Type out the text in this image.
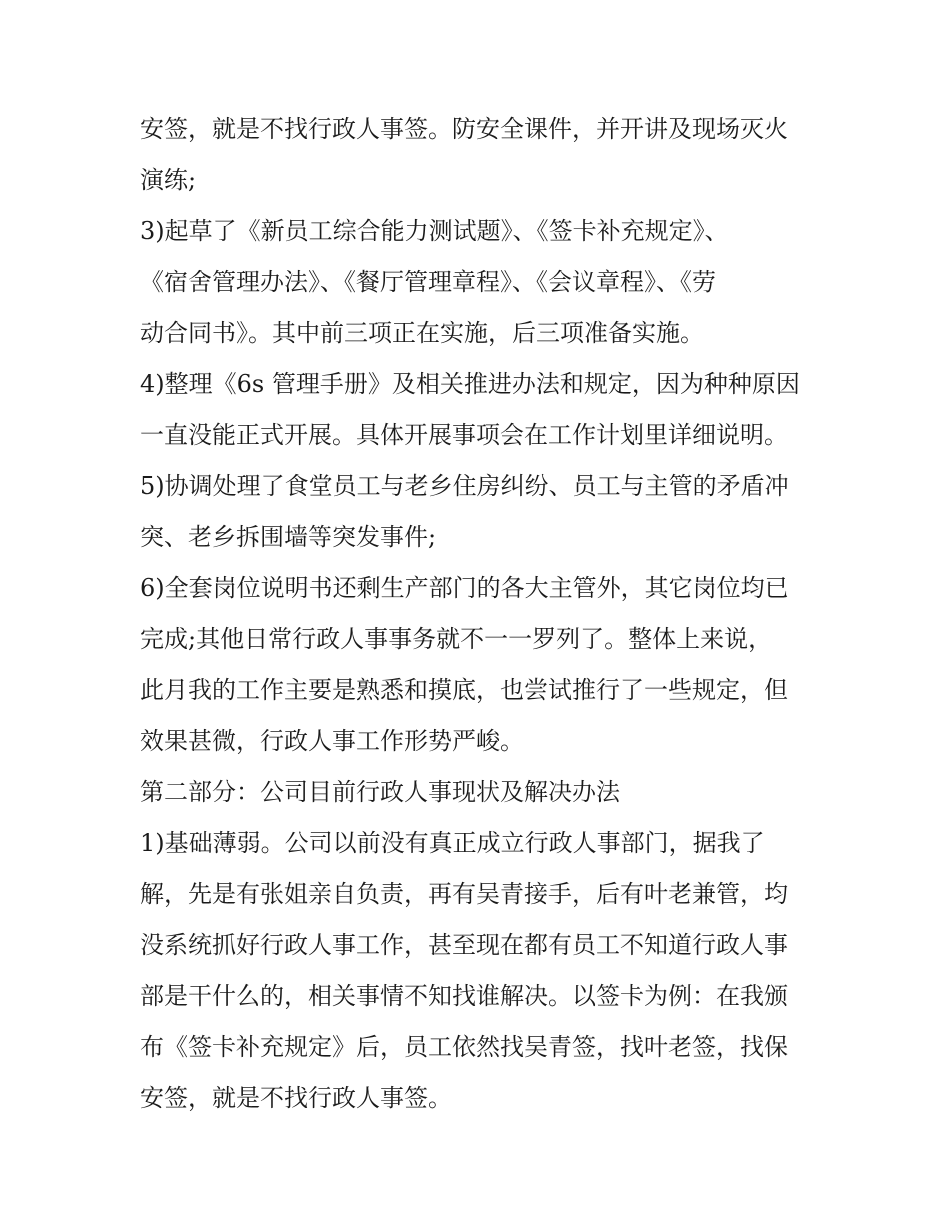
安签，就是不找行政人事签。防安全课件，并开讲及现场灭火
演练;
3)起草了《新员工综合能力测试题》、《签卡补充规定》、
《宿舍管理办法》、《餐厅管理章程》、《会议章程》、《劳
动合同书》。其中前三项正在实施，后三项准备实施。
4)整理《6s 管理手册》及相关推进办法和规定，因为种种原因
一直没能正式开展。具体开展事项会在工作计划里详细说明。
5)协调处理了食堂员工与老乡住房纠纷、员工与主管的矛盾冲
突、老乡拆围墙等突发事件;
6)全套岗位说明书还剩生产部门的各大主管外，其它岗位均已
完成;其他日常行政人事事务就不一一罗列了。整体上来说，
此月我的工作主要是熟悉和摸底，也尝试推行了一些规定，但
效果甚微，行政人事工作形势严峻。
第二部分：公司目前行政人事现状及解决办法
1)基础薄弱。公司以前没有真正成立行政人事部门，据我了
解，先是有张姐亲自负责，再有吴青接手，后有叶老兼管，均
没系统抓好行政人事工作，甚至现在都有员工不知道行政人事
部是干什么的，相关事情不知找谁解决。以签卡为例：在我颁
布《签卡补充规定》后，员工依然找吴青签，找叶老签，找保
安签，就是不找行政人事签。
